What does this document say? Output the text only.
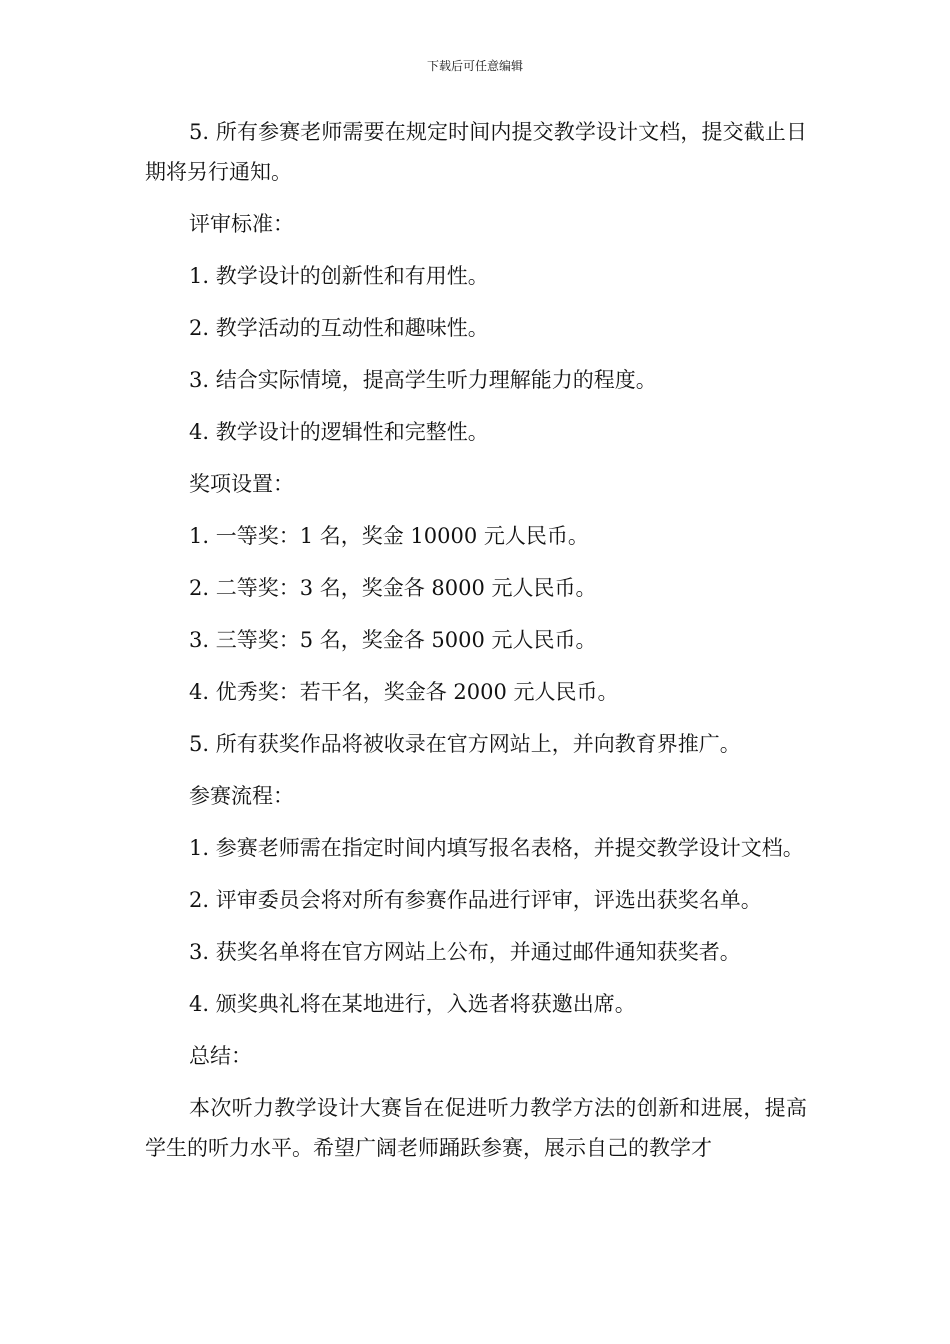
下载后可任意编辑

5. 所有参赛老师需要在规定时间内提交教学设计文档，提交截止日期将另行通知。

评审标准：

1. 教学设计的创新性和有用性。

2. 教学活动的互动性和趣味性。

3. 结合实际情境，提高学生听力理解能力的程度。

4. 教学设计的逻辑性和完整性。

奖项设置：

1. 一等奖：1 名，奖金 10000 元人民币。

2. 二等奖：3 名，奖金各 8000 元人民币。

3. 三等奖：5 名，奖金各 5000 元人民币。

4. 优秀奖：若干名，奖金各 2000 元人民币。

5. 所有获奖作品将被收录在官方网站上，并向教育界推广。

参赛流程：

1. 参赛老师需在指定时间内填写报名表格，并提交教学设计文档。

2. 评审委员会将对所有参赛作品进行评审，评选出获奖名单。

3. 获奖名单将在官方网站上公布，并通过邮件通知获奖者。

4. 颁奖典礼将在某地进行，入选者将获邀出席。

总结：

本次听力教学设计大赛旨在促进听力教学方法的创新和进展，提高学生的听力水平。希望广阔老师踊跃参赛，展示自己的教学才
